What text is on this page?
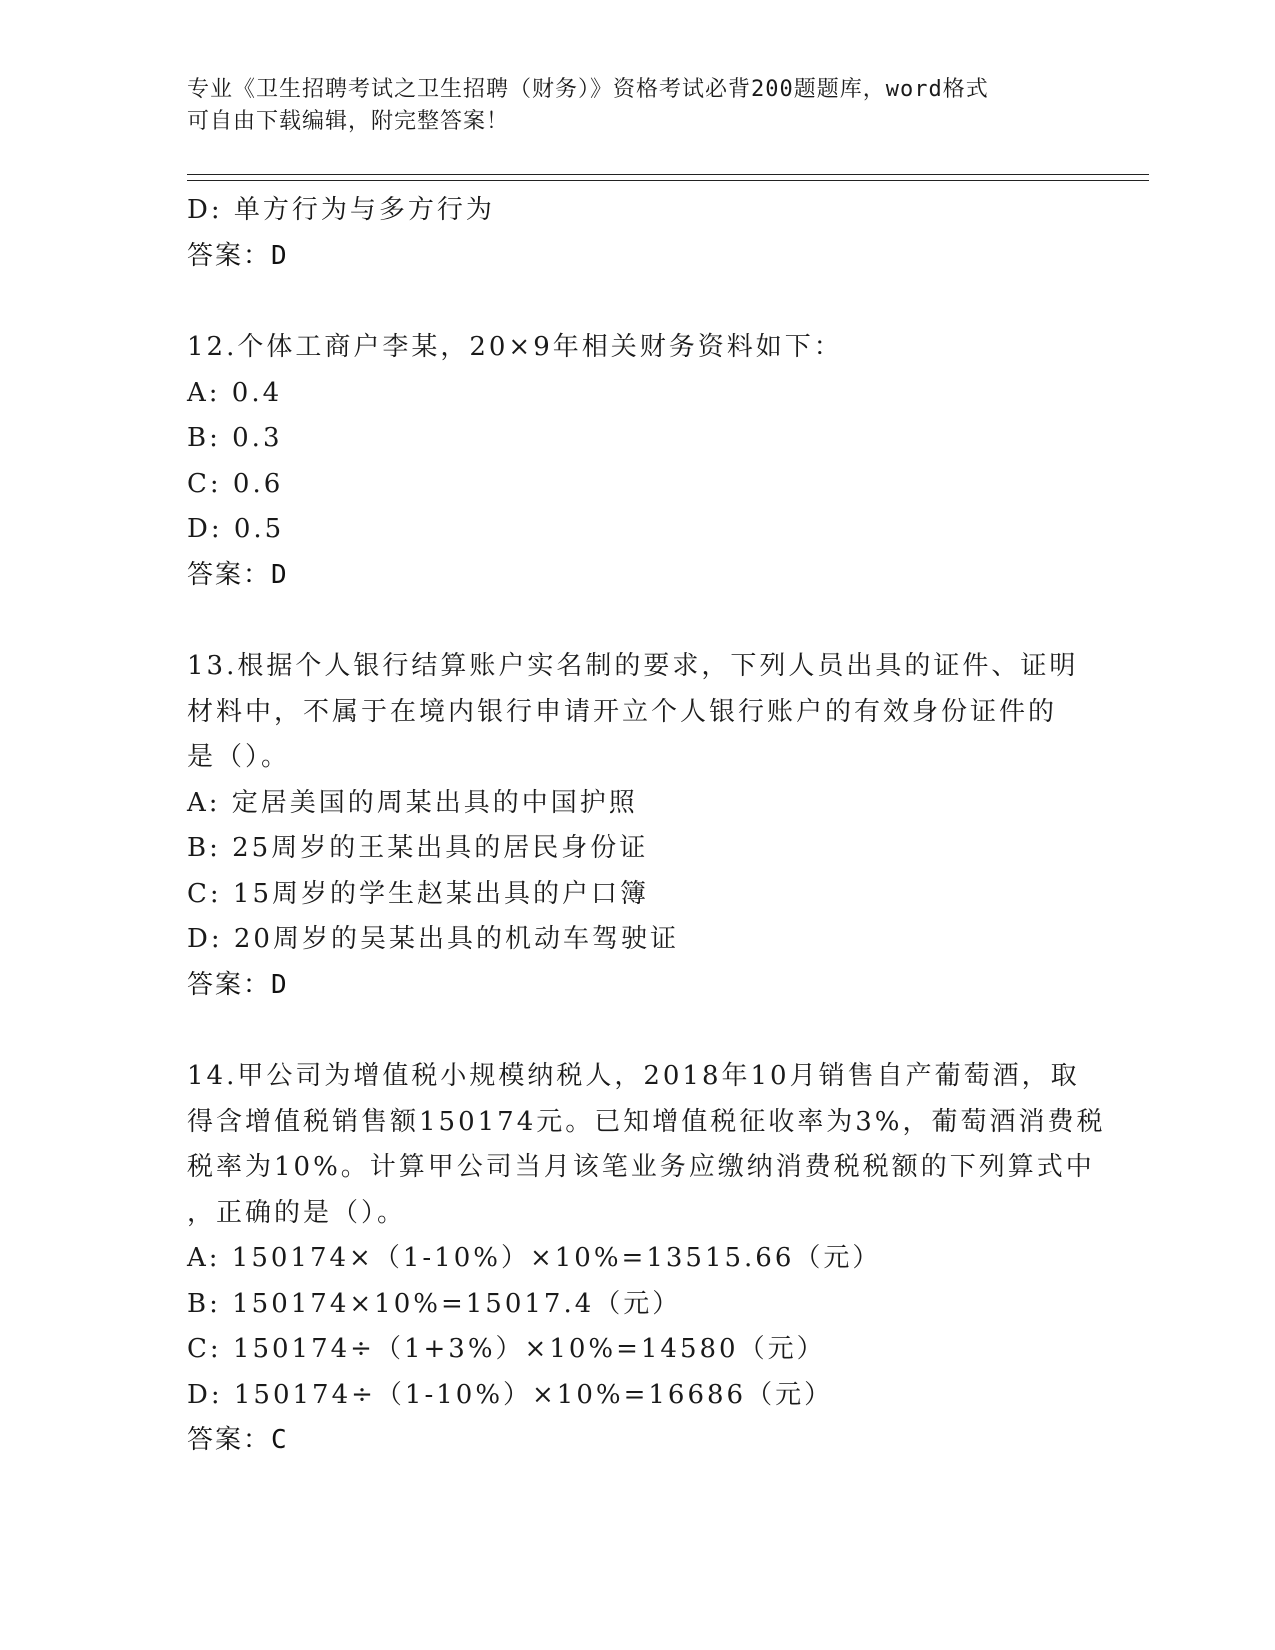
专业《卫生招聘考试之卫生招聘（财务）》资格考试必背200题题库，word格式
可自由下载编辑，附完整答案！
D: 单方行为与多方行为
答案：D
12.个体工商户李某，20×9年相关财务资料如下：
A: 0.4
B: 0.3
C: 0.6
D: 0.5
答案：D
13.根据个人银行结算账户实名制的要求，下列人员出具的证件、证明
材料中，不属于在境内银行申请开立个人银行账户的有效身份证件的
是（）。
A: 定居美国的周某出具的中国护照
B: 25周岁的王某出具的居民身份证
C: 15周岁的学生赵某出具的户口簿
D: 20周岁的吴某出具的机动车驾驶证
答案：D
14.甲公司为增值税小规模纳税人，2018年10月销售自产葡萄酒，取
得含增值税销售额150174元。已知增值税征收率为3%，葡萄酒消费税
税率为10%。计算甲公司当月该笔业务应缴纳消费税税额的下列算式中
，正确的是（）。
A: 150174×（1-10%）×10%=13515.66（元）
B: 150174×10%=15017.4（元）
C: 150174÷（1+3%）×10%=14580（元）
D: 150174÷（1-10%）×10%=16686（元）
答案：C
